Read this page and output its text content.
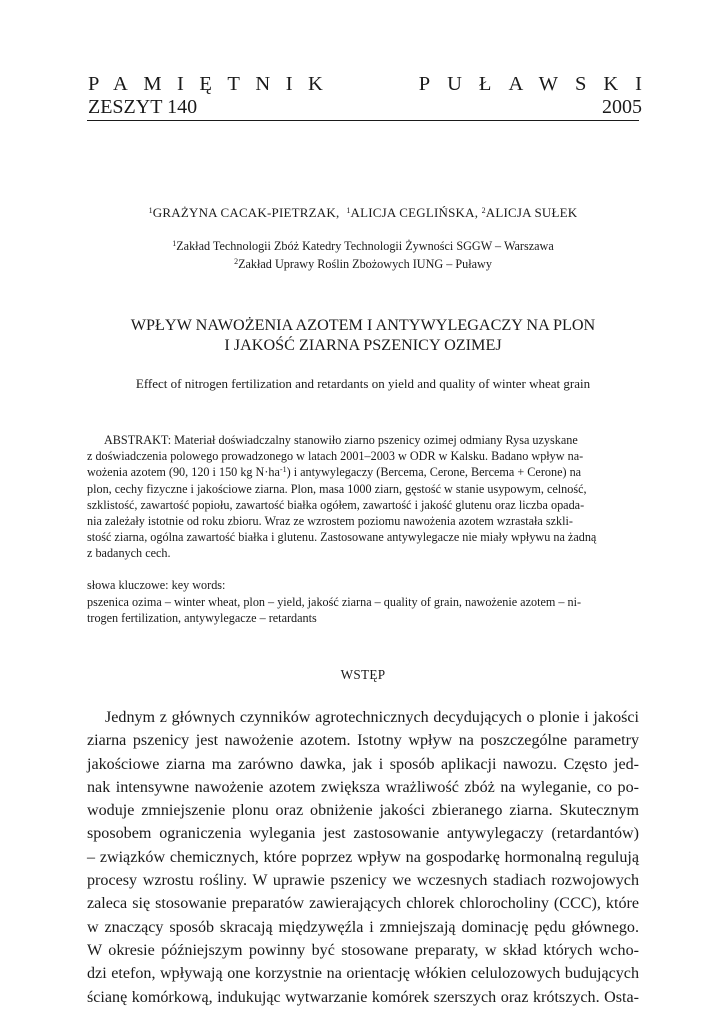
PAMIĘTNIK	PUŁAWSKI
ZESZYT 140	2005
$^1$GRAŻYNA CACAK-PIETRZAK, $^1$ALICJA CEGLIŃSKA, $^2$ALICJA SUŁEK
$^1$Zakład Technologii Zbóż Katedry Technologii Żywności SGGW – Warszawa
$^2$Zakład Uprawy Roślin Zbożowych IUNG – Puławy
WPŁYW NAWOŻENIA AZOTEM I ANTYWYLEGACZY NA PLON
I JAKOŚĆ ZIARNA PSZENICY OZIMEJ
Effect of nitrogen fertilization and retardants on yield and quality of winter wheat grain
ABSTRAKT: Materiał doświadczalny stanowiło ziarno pszenicy ozimej odmiany Rysa uzyskane
z doświadczenia polowego prowadzonego w latach 2001–2003 w ODR w Kalsku. Badano wpływ na-
wożenia azotem (90, 120 i 150 kg $N\cdot ha^{-1}$) i antywylegaczy (Bercema, Cerone, Bercema + Cerone) na
plon, cechy fizyczne i jakościowe ziarna. Plon, masa 1000 ziarn, gęstość w stanie usypowym, celność,
szklistość, zawartość popiołu, zawartość białka ogółem, zawartość i jakość glutenu oraz liczba opada-
nia zależały istotnie od roku zbioru. Wraz ze wzrostem poziomu nawożenia azotem wzrastała szkli-
stość ziarna, ogólna zawartość białka i glutenu. Zastosowane antywylegacze nie miały wpływu na żadną
z badanych cech.
słowa kluczowe: key words:
pszenica ozima – winter wheat, plon – yield, jakość ziarna – quality of grain, nawożenie azotem – ni-
trogen fertilization, antywylegacze – retardants
WSTĘP
Jednym z głównych czynników agrotechnicznych decydujących o plonie i jakości
ziarna pszenicy jest nawożenie azotem. Istotny wpływ na poszczególne parametry
jakościowe ziarna ma zarówno dawka, jak i sposób aplikacji nawozu. Często jed-
nak intensywne nawożenie azotem zwiększa wrażliwość zbóż na wyleganie, co po-
woduje zmniejszenie plonu oraz obniżenie jakości zbieranego ziarna. Skutecznym
sposobem ograniczenia wylegania jest zastosowanie antywylegaczy (retardantów)
– związków chemicznych, które poprzez wpływ na gospodarkę hormonalną regulują
procesy wzrostu rośliny. W uprawie pszenicy we wczesnych stadiach rozwojowych
zaleca się stosowanie preparatów zawierających chlorek chlorocholiny (CCC), które
w znaczący sposób skracają międzywęźla i zmniejszają dominację pędu głównego.
W okresie późniejszym powinny być stosowane preparaty, w skład których wcho-
dzi etefon, wpływają one korzystnie na orientację włókien celulozowych budujących
ścianę komórkową, indukując wytwarzanie komórek szerszych oraz krótszych. Osta-
